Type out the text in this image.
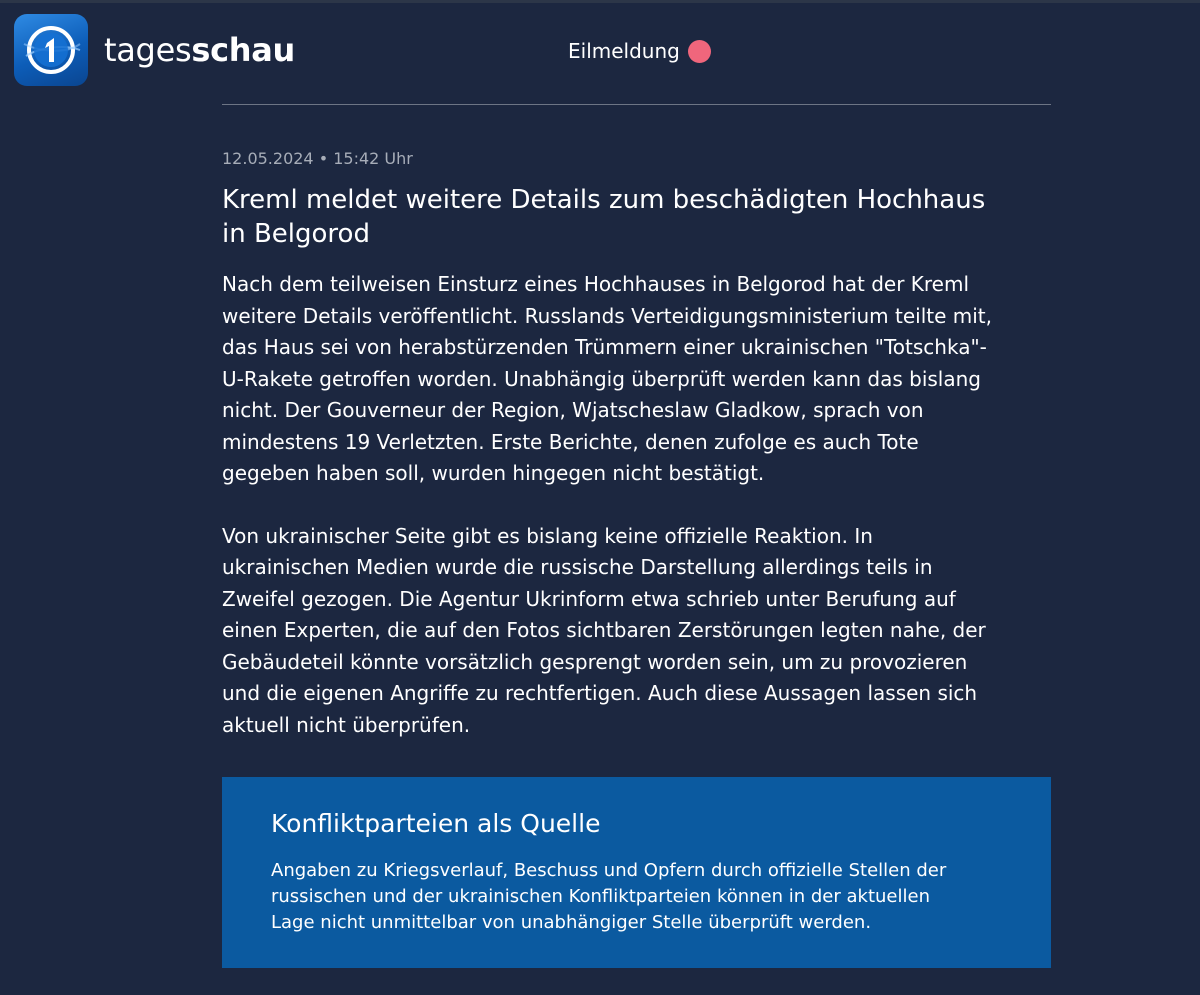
tagesschau	Eilmeldung

12.05.2024 • 15:42 Uhr

Kreml meldet weitere Details zum beschädigten Hochhaus
in Belgorod

Nach dem teilweisen Einsturz eines Hochhauses in Belgorod hat der Kreml
weitere Details veröffentlicht. Russlands Verteidigungsministerium teilte mit,
das Haus sei von herabstürzenden Trümmern einer ukrainischen "Totschka"-
U-Rakete getroffen worden. Unabhängig überprüft werden kann das bislang
nicht. Der Gouverneur der Region, Wjatscheslaw Gladkow, sprach von
mindestens 19 Verletzten. Erste Berichte, denen zufolge es auch Tote
gegeben haben soll, wurden hingegen nicht bestätigt.

Von ukrainischer Seite gibt es bislang keine offizielle Reaktion. In
ukrainischen Medien wurde die russische Darstellung allerdings teils in
Zweifel gezogen. Die Agentur Ukrinform etwa schrieb unter Berufung auf
einen Experten, die auf den Fotos sichtbaren Zerstörungen legten nahe, der
Gebäudeteil könnte vorsätzlich gesprengt worden sein, um zu provozieren
und die eigenen Angriffe zu rechtfertigen. Auch diese Aussagen lassen sich
aktuell nicht überprüfen.

Konfliktparteien als Quelle

Angaben zu Kriegsverlauf, Beschuss und Opfern durch offizielle Stellen der
russischen und der ukrainischen Konfliktparteien können in der aktuellen
Lage nicht unmittelbar von unabhängiger Stelle überprüft werden.
